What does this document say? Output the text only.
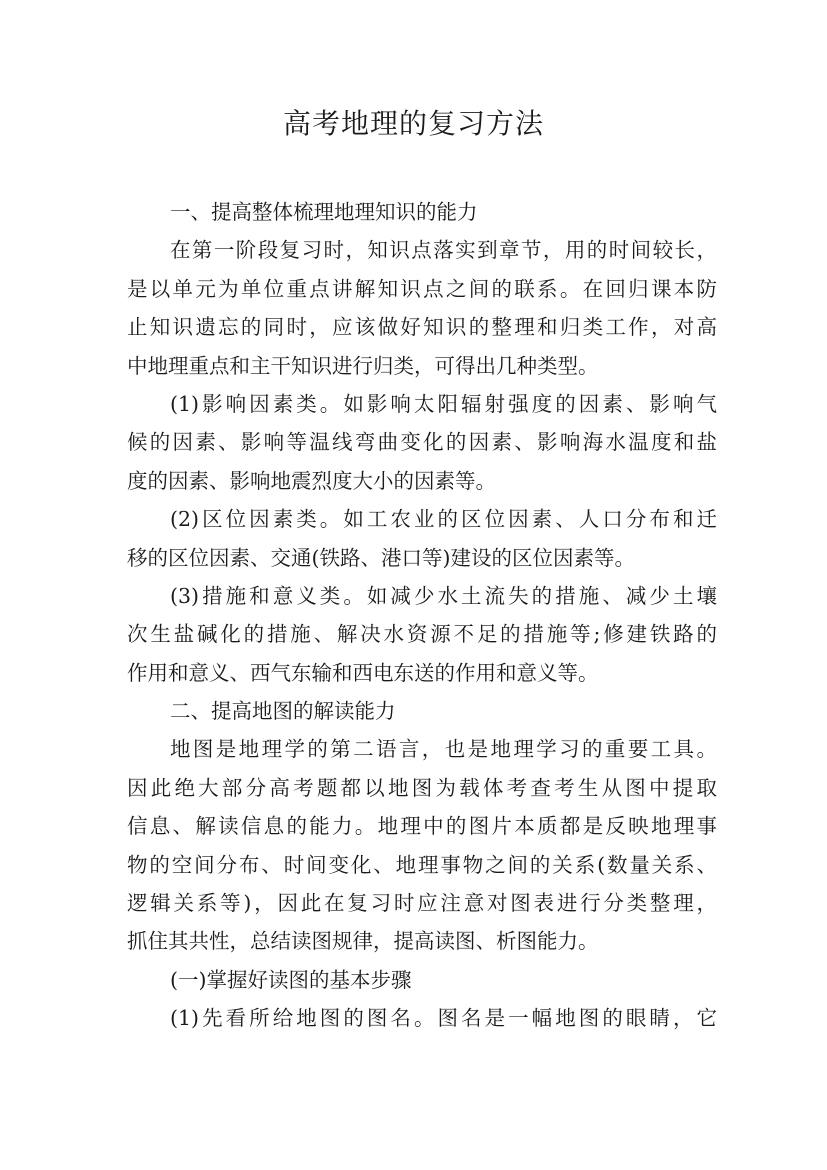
高考地理的复习方法
一、提高整体梳理地理知识的能力
在第一阶段复习时，知识点落实到章节，用的时间较长，
是以单元为单位重点讲解知识点之间的联系。在回归课本防
止知识遗忘的同时，应该做好知识的整理和归类工作，对高
中地理重点和主干知识进行归类，可得出几种类型。
(1)影响因素类。如影响太阳辐射强度的因素、影响气
候的因素、影响等温线弯曲变化的因素、影响海水温度和盐
度的因素、影响地震烈度大小的因素等。
(2)区位因素类。如工农业的区位因素、人口分布和迁
移的区位因素、交通(铁路、港口等)建设的区位因素等。
(3)措施和意义类。如减少水土流失的措施、减少土壤
次生盐碱化的措施、解决水资源不足的措施等;修建铁路的
作用和意义、西气东输和西电东送的作用和意义等。
二、提高地图的解读能力
地图是地理学的第二语言，也是地理学习的重要工具。
因此绝大部分高考题都以地图为载体考查考生从图中提取
信息、解读信息的能力。地理中的图片本质都是反映地理事
物的空间分布、时间变化、地理事物之间的关系(数量关系、
逻辑关系等)，因此在复习时应注意对图表进行分类整理，
抓住其共性，总结读图规律，提高读图、析图能力。
(一)掌握好读图的基本步骤
(1)先看所给地图的图名。图名是一幅地图的眼睛，它
